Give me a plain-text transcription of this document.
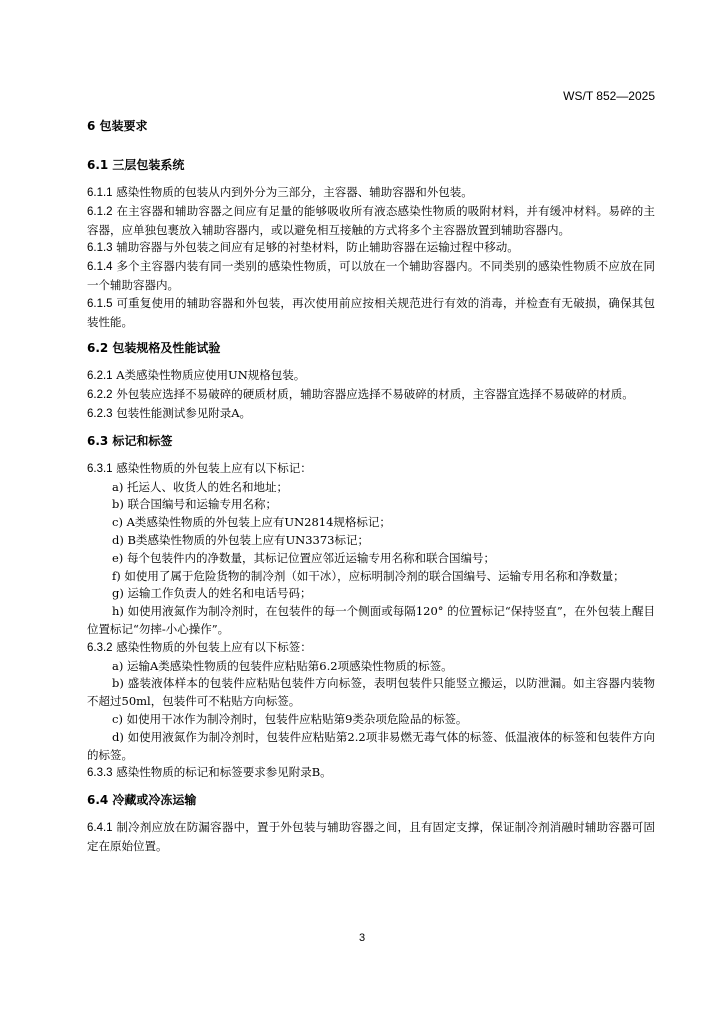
WS/T 852—2025
6 包装要求
6.1 三层包装系统

6.1.1 感染性物质的包装从内到外分为三部分，主容器、辅助容器和外包装。

6.1.2 在主容器和辅助容器之间应有足量的能够吸收所有液态感染性物质的吸附材料，并有缓冲材料。易碎的主容器，应单独包裹放入辅助容器内，或以避免相互接触的方式将多个主容器放置到辅助容器内。

6.1.3 辅助容器与外包装之间应有足够的衬垫材料，防止辅助容器在运输过程中移动。

6.1.4 多个主容器内装有同一类别的感染性物质，可以放在一个辅助容器内。不同类别的感染性物质不应放在同一个辅助容器内。

6.1.5 可重复使用的辅助容器和外包装，再次使用前应按相关规范进行有效的消毒，并检查有无破损，确保其包装性能。

6.2 包装规格及性能试验

6.2.1 A类感染性物质应使用UN规格包装。

6.2.2 外包装应选择不易破碎的硬质材质，辅助容器应选择不易破碎的材质，主容器宜选择不易破碎的材质。

6.2.3 包装性能测试参见附录A。

6.3 标记和标签

6.3.1 感染性物质的外包装上应有以下标记：

a) 托运人、收货人的姓名和地址；

b) 联合国编号和运输专用名称；

c) A类感染性物质的外包装上应有UN2814规格标记；

d) B类感染性物质的外包装上应有UN3373标记；

e) 每个包装件内的净数量，其标记位置应邻近运输专用名称和联合国编号；

f) 如使用了属于危险货物的制冷剂（如干冰），应标明制冷剂的联合国编号、运输专用名称和净数量；

g) 运输工作负责人的姓名和电话号码；

h) 如使用液氮作为制冷剂时，在包装件的每一个侧面或每隔120° 的位置标记“保持竖直”，在外包装上醒目位置标记“勿摔-小心操作”。

6.3.2 感染性物质的外包装上应有以下标签：

a) 运输A类感染性物质的包装件应粘贴第6.2项感染性物质的标签。

b) 盛装液体样本的包装件应粘贴包装件方向标签，表明包装件只能竖立搬运，以防泄漏。如主容器内装物不超过50ml，包装件可不粘贴方向标签。

c) 如使用干冰作为制冷剂时，包装件应粘贴第9类杂项危险品的标签。

d) 如使用液氮作为制冷剂时，包装件应粘贴第2.2项非易燃无毒气体的标签、低温液体的标签和包装件方向的标签。

6.3.3 感染性物质的标记和标签要求参见附录B。

6.4 冷藏或冷冻运输

6.4.1 制冷剂应放在防漏容器中，置于外包装与辅助容器之间，且有固定支撑，保证制冷剂消融时辅助容器可固定在原始位置。

3
